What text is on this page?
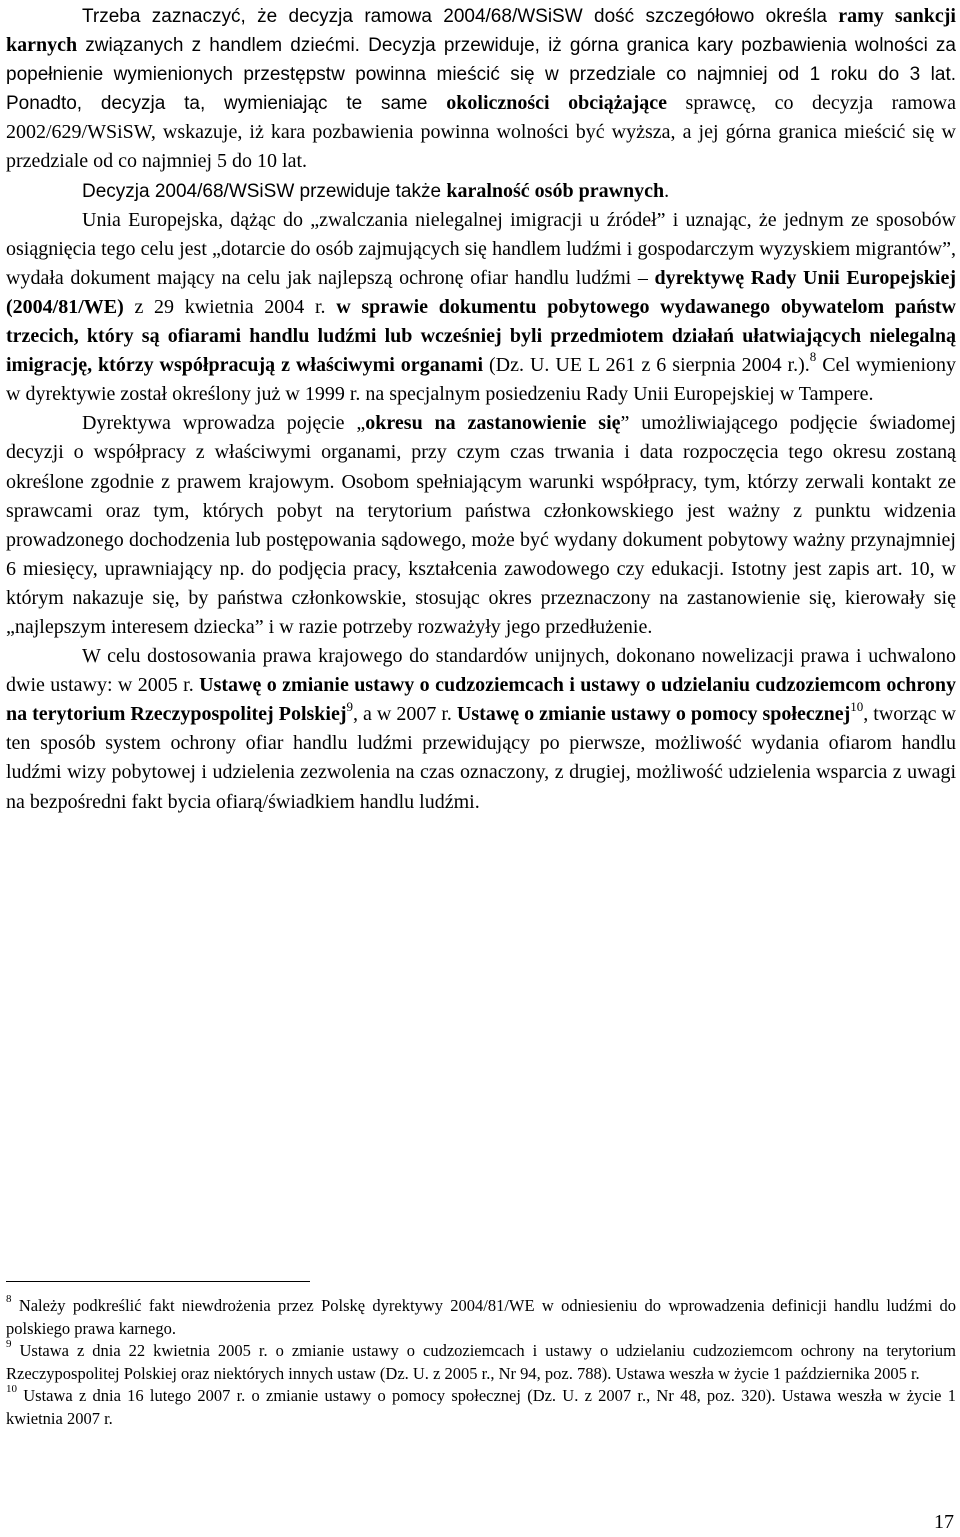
Trzeba zaznaczyć, że decyzja ramowa 2004/68/WSiSW dość szczegółowo określa ramy sankcji karnych związanych z handlem dziećmi. Decyzja przewiduje, iż górna granica kary pozbawienia wolności za popełnienie wymienionych przestępstw powinna mieścić się w przedziale co najmniej od 1 roku do 3 lat. Ponadto, decyzja ta, wymieniając te same okoliczności obciążające sprawcę, co decyzja ramowa 2002/629/WSiSW, wskazuje, iż kara pozbawienia powinna wolności być wyższa, a jej górna granica mieścić się w przedziale od co najmniej 5 do 10 lat.

Decyzja 2004/68/WSiSW przewiduje także karalność osób prawnych.

Unia Europejska, dążąc do „zwalczania nielegalnej imigracji u źródeł” i uznając, że jednym ze sposobów osiągnięcia tego celu jest „dotarcie do osób zajmujących się handlem ludźmi i gospodarczym wyzyskiem migrantów”, wydała dokument mający na celu jak najlepszą ochronę ofiar handlu ludźmi – dyrektywę Rady Unii Europejskiej (2004/81/WE) z 29 kwietnia 2004 r. w sprawie dokumentu pobytowego wydawanego obywatelom państw trzecich, który są ofiarami handlu ludźmi lub wcześniej byli przedmiotem działań ułatwiających nielegalną imigrację, którzy współpracują z właściwymi organami (Dz. U. UE L 261 z 6 sierpnia 2004 r.).$^8$ Cel wymieniony w dyrektywie został określony już w 1999 r. na specjalnym posiedzeniu Rady Unii Europejskiej w Tampere.

Dyrektywa wprowadza pojęcie „okresu na zastanowienie się” umożliwiającego podjęcie świadomej decyzji o współpracy z właściwymi organami, przy czym czas trwania i data rozpoczęcia tego okresu zostaną określone zgodnie z prawem krajowym. Osobom spełniającym warunki współpracy, tym, którzy zerwali kontakt ze sprawcami oraz tym, których pobyt na terytorium państwa członkowskiego jest ważny z punktu widzenia prowadzonego dochodzenia lub postępowania sądowego, może być wydany dokument pobytowy ważny przynajmniej 6 miesięcy, uprawniający np. do podjęcia pracy, kształcenia zawodowego czy edukacji. Istotny jest zapis art. 10, w którym nakazuje się, by państwa członkowskie, stosując okres przeznaczony na zastanowienie się, kierowały się „najlepszym interesem dziecka” i w razie potrzeby rozważyły jego przedłużenie.

W celu dostosowania prawa krajowego do standardów unijnych, dokonano nowelizacji prawa i uchwalono dwie ustawy: w 2005 r. Ustawę o zmianie ustawy o cudzoziemcach i ustawy o udzielaniu cudzoziemcom ochrony na terytorium Rzeczypospolitej Polskiej$^9$, a w 2007 r. Ustawę o zmianie ustawy o pomocy społecznej$^{10}$, tworząc w ten sposób system ochrony ofiar handlu ludźmi przewidujący po pierwsze, możliwość wydania ofiarom handlu ludźmi wizy pobytowej i udzielenia zezwolenia na czas oznaczony, z drugiej, możliwość udzielenia wsparcia z uwagi na bezpośredni fakt bycia ofiarą/świadkiem handlu ludźmi.

$^8$ Należy podkreślić fakt niewdrożenia przez Polskę dyrektywy 2004/81/WE w odniesieniu do wprowadzenia definicji handlu ludźmi do polskiego prawa karnego.

$^9$ Ustawa z dnia 22 kwietnia 2005 r. o zmianie ustawy o cudzoziemcach i ustawy o udzielaniu cudzoziemcom ochrony na terytorium Rzeczypospolitej Polskiej oraz niektórych innych ustaw (Dz. U. z 2005 r., Nr 94, poz. 788). Ustawa weszła w życie 1 października 2005 r.

$^{10}$ Ustawa z dnia 16 lutego 2007 r. o zmianie ustawy o pomocy społecznej (Dz. U. z 2007 r., Nr 48, poz. 320). Ustawa weszła w życie 1 kwietnia 2007 r.

17
